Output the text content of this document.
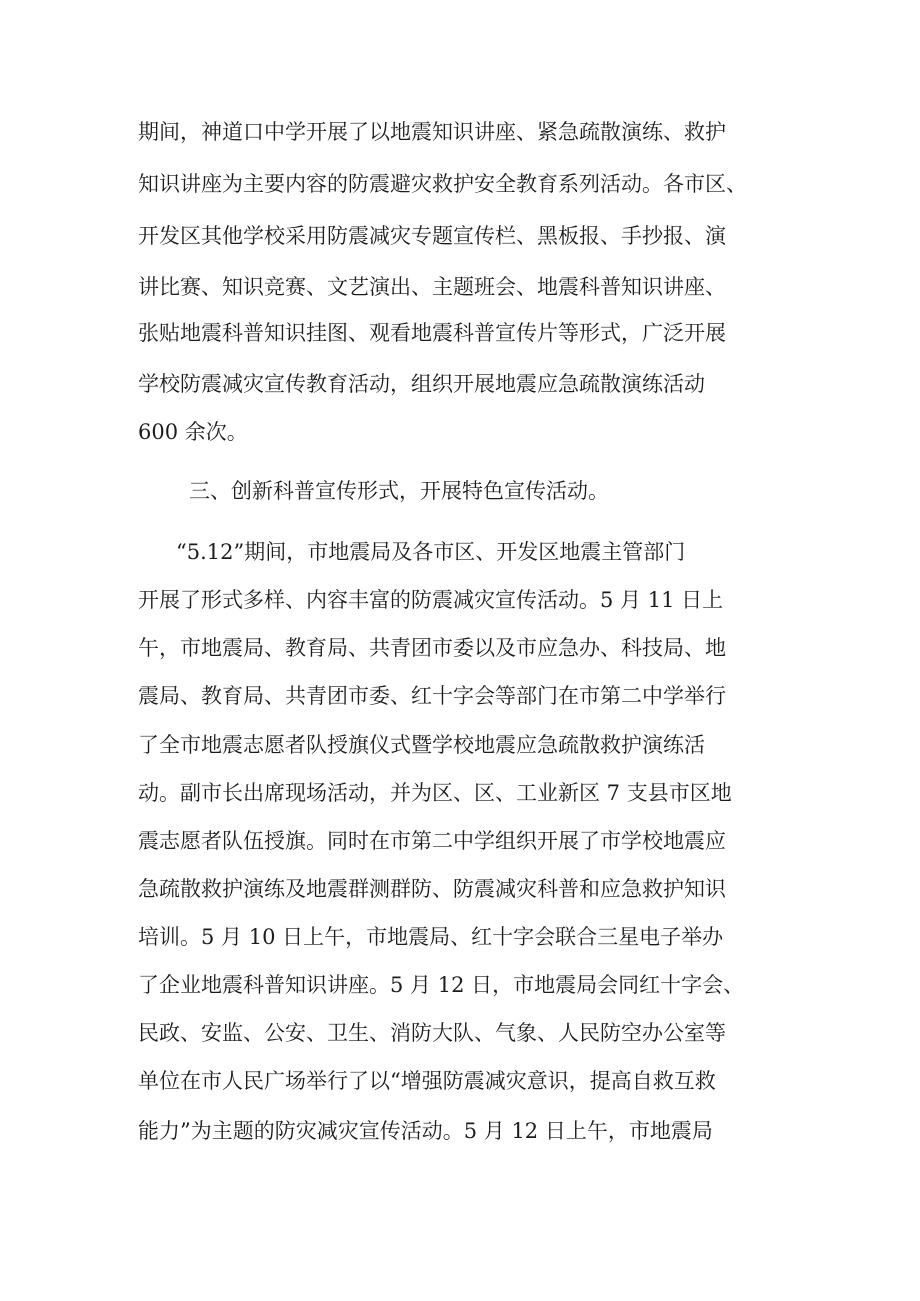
期间，神道口中学开展了以地震知识讲座、紧急疏散演练、救护
知识讲座为主要内容的防震避灾救护安全教育系列活动。各市区、
开发区其他学校采用防震减灾专题宣传栏、黑板报、手抄报、演
讲比赛、知识竞赛、文艺演出、主题班会、地震科普知识讲座、
张贴地震科普知识挂图、观看地震科普宣传片等形式，广泛开展
学校防震减灾宣传教育活动，组织开展地震应急疏散演练活动
600 余次。
三、创新科普宣传形式，开展特色宣传活动。
“5.12”期间，市地震局及各市区、开发区地震主管部门
开展了形式多样、内容丰富的防震减灾宣传活动。5 月 11 日上
午，市地震局、教育局、共青团市委以及市应急办、科技局、地
震局、教育局、共青团市委、红十字会等部门在市第二中学举行
了全市地震志愿者队授旗仪式暨学校地震应急疏散救护演练活
动。副市长出席现场活动，并为区、区、工业新区 7 支县市区地
震志愿者队伍授旗。同时在市第二中学组织开展了市学校地震应
急疏散救护演练及地震群测群防、防震减灾科普和应急救护知识
培训。5 月 10 日上午，市地震局、红十字会联合三星电子举办
了企业地震科普知识讲座。5 月 12 日，市地震局会同红十字会、
民政、安监、公安、卫生、消防大队、气象、人民防空办公室等
单位在市人民广场举行了以“增强防震减灾意识，提高自救互救
能力”为主题的防灾减灾宣传活动。5 月 12 日上午，市地震局
